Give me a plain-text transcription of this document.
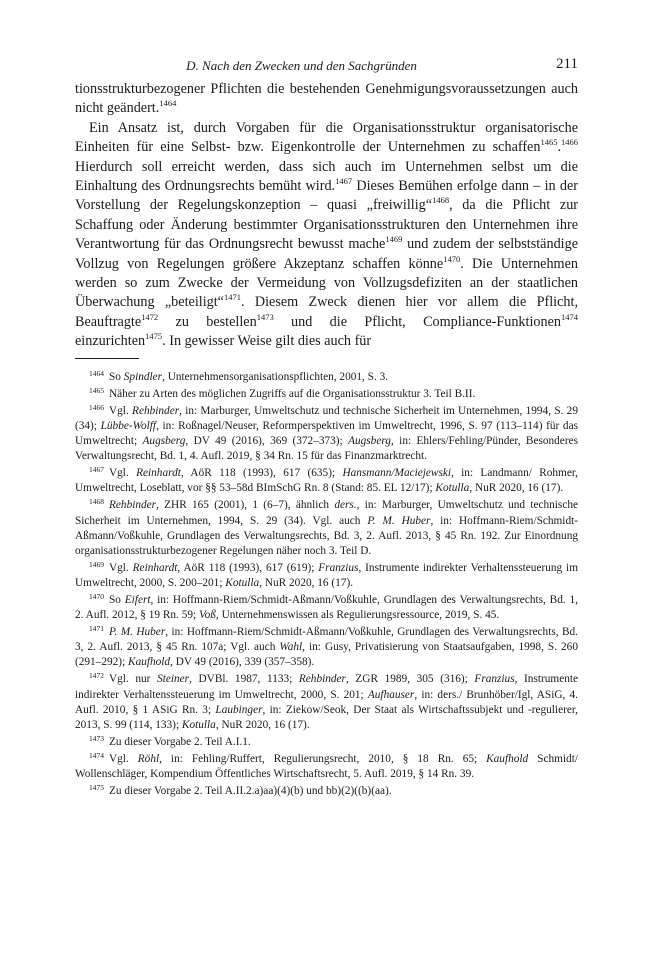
D. Nach den Zwecken und den Sachgründen	211

tionsstrukturbezogener Pflichten die bestehenden Genehmigungsvoraussetzungen auch nicht geändert.$^{1464}$

Ein Ansatz ist, durch Vorgaben für die Organisationsstruktur organisatorische Einheiten für eine Selbst- bzw. Eigenkontrolle der Unternehmen zu schaffen$^{1465}$.$^{1466}$ Hierdurch soll erreicht werden, dass sich auch im Unternehmen selbst um die Einhaltung des Ordnungsrechts bemüht wird.$^{1467}$ Dieses Bemühen erfolge dann – in der Vorstellung der Regelungskonzeption – quasi „freiwillig“$^{1468}$, da die Pflicht zur Schaffung oder Änderung bestimmter Organisationsstrukturen den Unternehmen ihre Verantwortung für das Ordnungsrecht bewusst mache$^{1469}$ und zudem der selbstständige Vollzug von Regelungen größere Akzeptanz schaffen könne$^{1470}$. Die Unternehmen werden so zum Zwecke der Vermeidung von Vollzugsdefiziten an der staatlichen Überwachung „beteiligt“$^{1471}$. Diesem Zweck dienen hier vor allem die Pflicht, Beauftragte$^{1472}$ zu bestellen$^{1473}$ und die Pflicht, Compliance-Funktionen$^{1474}$ einzurichten$^{1475}$. In gewisser Weise gilt dies auch für

$^{1464}$ So Spindler, Unternehmensorganisationspflichten, 2001, S. 3.

$^{1465}$ Näher zu Arten des möglichen Zugriffs auf die Organisationsstruktur 3. Teil B.II.

$^{1466}$ Vgl. Rehbinder, in: Marburger, Umweltschutz und technische Sicherheit im Unternehmen, 1994, S. 29 (34); Lübbe-Wolff, in: Roßnagel/Neuser, Reformperspektiven im Umweltrecht, 1996, S. 97 (113–114) für das Umweltrecht; Augsberg, DV 49 (2016), 369 (372–373); Augsberg, in: Ehlers/Fehling/Pünder, Besonderes Verwaltungsrecht, Bd. 1, 4. Aufl. 2019, § 34 Rn. 15 für das Finanzmarktrecht.

$^{1467}$ Vgl. Reinhardt, AöR 118 (1993), 617 (635); Hansmann/Maciejewski, in: Landmann/ Rohmer, Umweltrecht, Loseblatt, vor §§ 53–58d BImSchG Rn. 8 (Stand: 85. EL 12/17); Kotulla, NuR 2020, 16 (17).

$^{1468}$ Rehbinder, ZHR 165 (2001), 1 (6–7), ähnlich ders., in: Marburger, Umweltschutz und technische Sicherheit im Unternehmen, 1994, S. 29 (34). Vgl. auch P. M. Huber, in: Hoffmann-Riem/Schmidt-Aßmann/Voßkuhle, Grundlagen des Verwaltungsrechts, Bd. 3, 2. Aufl. 2013, § 45 Rn. 192. Zur Einordnung organisationsstrukturbezogener Regelungen näher noch 3. Teil D.

$^{1469}$ Vgl. Reinhardt, AöR 118 (1993), 617 (619); Franzius, Instrumente indirekter Verhaltenssteuerung im Umweltrecht, 2000, S. 200–201; Kotulla, NuR 2020, 16 (17).

$^{1470}$ So Eifert, in: Hoffmann-Riem/Schmidt-Aßmann/Voßkuhle, Grundlagen des Verwaltungsrechts, Bd. 1, 2. Aufl. 2012, § 19 Rn. 59; Voß, Unternehmenswissen als Regulierungsressource, 2019, S. 45.

$^{1471}$ P. M. Huber, in: Hoffmann-Riem/Schmidt-Aßmann/Voßkuhle, Grundlagen des Verwaltungsrechts, Bd. 3, 2. Aufl. 2013, § 45 Rn. 107a; Vgl. auch Wahl, in: Gusy, Privatisierung von Staatsaufgaben, 1998, S. 260 (291–292); Kaufhold, DV 49 (2016), 339 (357–358).

$^{1472}$ Vgl. nur Steiner, DVBl. 1987, 1133; Rehbinder, ZGR 1989, 305 (316); Franzius, Instrumente indirekter Verhaltenssteuerung im Umweltrecht, 2000, S. 201; Aufhauser, in: ders./ Brunhöber/Igl, ASiG, 4. Aufl. 2010, § 1 ASiG Rn. 3; Laubinger, in: Ziekow/Seok, Der Staat als Wirtschaftssubjekt und -regulierer, 2013, S. 99 (114, 133); Kotulla, NuR 2020, 16 (17).

$^{1473}$ Zu dieser Vorgabe 2. Teil A.I.1.

$^{1474}$ Vgl. Röhl, in: Fehling/Ruffert, Regulierungsrecht, 2010, § 18 Rn. 65; Kaufhold Schmidt/ Wollenschläger, Kompendium Öffentliches Wirtschaftsrecht, 5. Aufl. 2019, § 14 Rn. 39.

$^{1475}$ Zu dieser Vorgabe 2. Teil A.II.2.a)aa)(4)(b) und bb)(2)((b)(aa).
